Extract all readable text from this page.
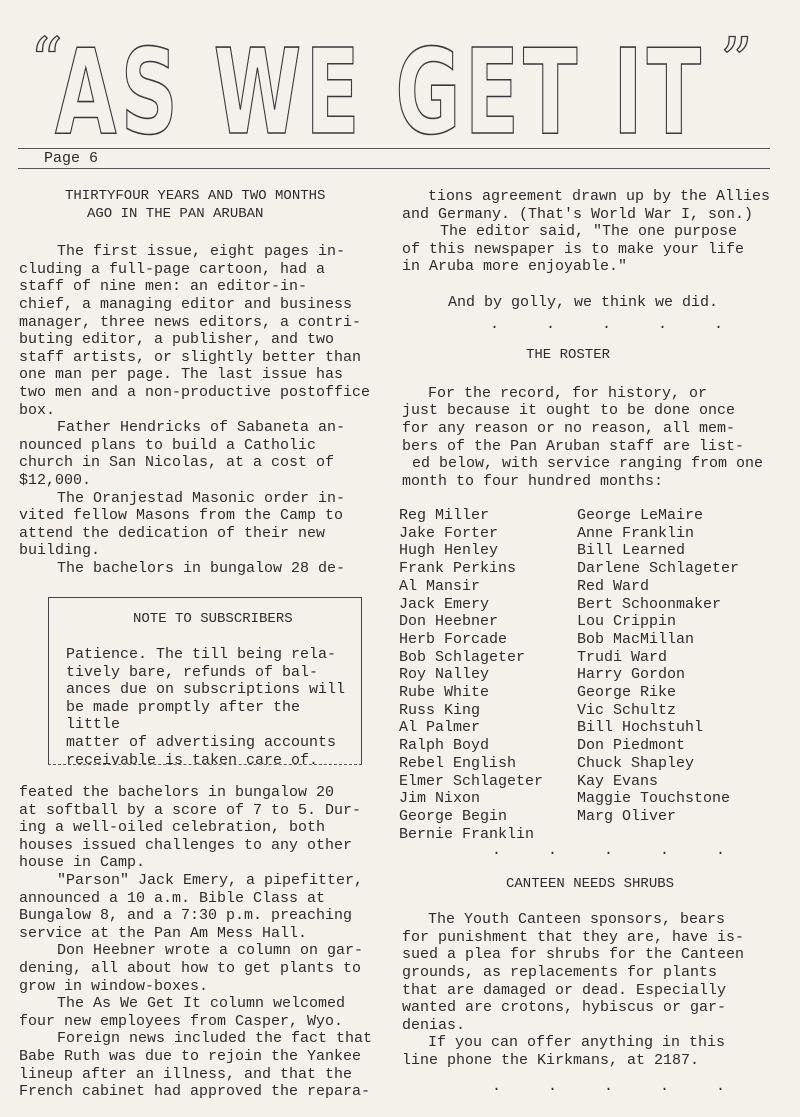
“
AS WE GET IT ”
Page 6

THIRTYFOUR YEARS AND TWO MONTHS

AGO IN THE PAN ARUBAN

The first issue, eight pages in-

cluding a full-page cartoon, had a

staff of nine men: an editor-in-

chief, a managing editor and business

manager, three news editors, a contri-

buting editor, a publisher, and two

staff artists, or slightly better than

one man per page. The last issue has

two men and a non-productive postoffice

box.

Father Hendricks of Sabaneta an-

nounced plans to build a Catholic

church in San Nicolas, at a cost of

$12,000.

The Oranjestad Masonic order in-

vited fellow Masons from the Camp to

attend the dedication of their new

building.

The bachelors in bungalow 28 de-

NOTE TO SUBSCRIBERS

Patience. The till being rela-

tively bare, refunds of bal-

ances due on subscriptions will

be made promptly after the little

matter of advertising accounts

receivable is taken care of.

feated the bachelors in bungalow 20

at softball by a score of 7 to 5. Dur-

ing a well-oiled celebration, both

houses issued challenges to any other

house in Camp.

"Parson" Jack Emery, a pipefitter,

announced a 10 a.m. Bible Class at

Bungalow 8, and a 7:30 p.m. preaching

service at the Pan Am Mess Hall.

Don Heebner wrote a column on gar-

dening, all about how to get plants to

grow in window-boxes.

The As We Get It column welcomed

four new employees from Casper, Wyo.

Foreign news included the fact that

Babe Ruth was due to rejoin the Yankee

lineup after an illness, and that the

French cabinet had approved the repara-

tions agreement drawn up by the Allies

and Germany. (That's World War I, son.)

The editor said, "The one purpose

of this newspaper is to make your life

in Aruba more enjoyable."

And by golly, we think we did.

. . . . .

THE ROSTER

For the record, for history, or

just because it ought to be done once

for any reason or no reason, all mem-

bers of the Pan Aruban staff are list-

ed below, with service ranging from one

month to four hundred months:

Reg Miller
Jake Forter
Hugh Henley
Frank Perkins
Al Mansir
Jack Emery
Don Heebner
Herb Forcade
Bob Schlageter
Roy Nalley
Rube White
Russ King
Al Palmer
Ralph Boyd
Rebel English
Elmer Schlageter
Jim Nixon
George Begin
Bernie Franklin
George LeMaire
Anne Franklin
Bill Learned
Darlene Schlageter
Red Ward
Bert Schoonmaker
Lou Crippin
Bob MacMillan
Trudi Ward
Harry Gordon
George Rike
Vic Schultz
Bill Hochstuhl
Don Piedmont
Chuck Shapley
Kay Evans
Maggie Touchstone
Marg Oliver

. . . . .

CANTEEN NEEDS SHRUBS

The Youth Canteen sponsors, bears

for punishment that they are, have is-

sued a plea for shrubs for the Canteen

grounds, as replacements for plants

that are damaged or dead. Especially

wanted are crotons, hybiscus or gar-

denias.

If you can offer anything in this

line phone the Kirkmans, at 2187.

. . . . .
